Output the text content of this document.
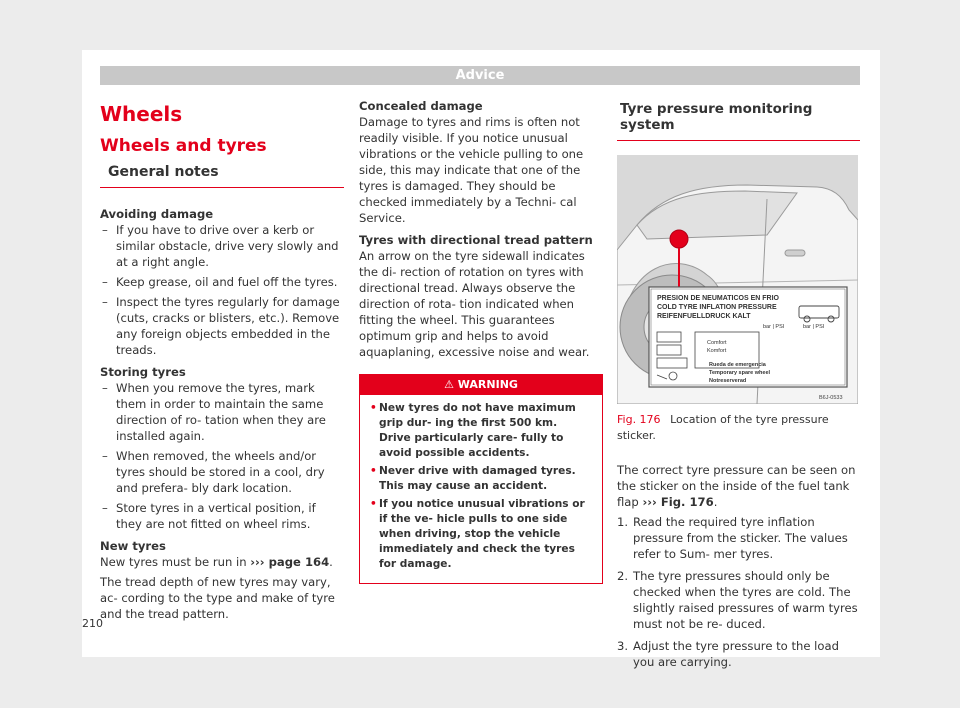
Advice
Wheels
Wheels and tyres
General notes
Avoiding damage
– If you have to drive over a kerb or similar obstacle, drive very slowly and at a right angle.
– Keep grease, oil and fuel off the tyres.
– Inspect the tyres regularly for damage (cuts, cracks or blisters, etc.). Remove any foreign objects embedded in the treads.
Storing tyres
– When you remove the tyres, mark them in order to maintain the same direction of ro- tation when they are installed again.
– When removed, the wheels and/or tyres should be stored in a cool, dry and prefera- bly dark location.
– Store tyres in a vertical position, if they are not fitted on wheel rims.
New tyres

New tyres must be run in ››› page 164.

The tread depth of new tyres may vary, ac- cording to the type and make of tyre and the tread pattern.

Concealed damage

Damage to tyres and rims is often not readily visible. If you notice unusual vibrations or the vehicle pulling to one side, this may indicate that one of the tyres is damaged. They should be checked immediately by a Techni- cal Service.

Tyres with directional tread pattern

An arrow on the tyre sidewall indicates the di- rection of rotation on tyres with directional tread. Always observe the direction of rota- tion indicated when fitting the wheel. This guarantees optimum grip and helps to avoid aquaplaning, excessive noise and wear.

⚠ WARNING
• New tyres do not have maximum grip dur- ing the first 500 km. Drive particularly care- fully to avoid possible accidents.
• Never drive with damaged tyres. This may cause an accident.
• If you notice unusual vibrations or if the ve- hicle pulls to one side when driving, stop the vehicle immediately and check the tyres for damage.
Tyre pressure monitoring system
PRESION DE NEUMATICOS EN FRIO
COLD TYRE INFLATION PRESSURE
REIFENFUELLDRUCK KALT
bar | PSI	bar | PSI
Comfort
Komfort
Rueda de emergencia
Temporary spare wheel
Notreserverad
B6J-0533
Fig. 176 Location of the tyre pressure sticker.

The correct tyre pressure can be seen on the sticker on the inside of the fuel tank flap ››› Fig. 176.

1. Read the required tyre inflation pressure from the sticker. The values refer to Sum- mer tyres.
2. The tyre pressures should only be checked when the tyres are cold. The slightly raised pressures of warm tyres must not be re- duced.
3. Adjust the tyre pressure to the load you are carrying.
210
